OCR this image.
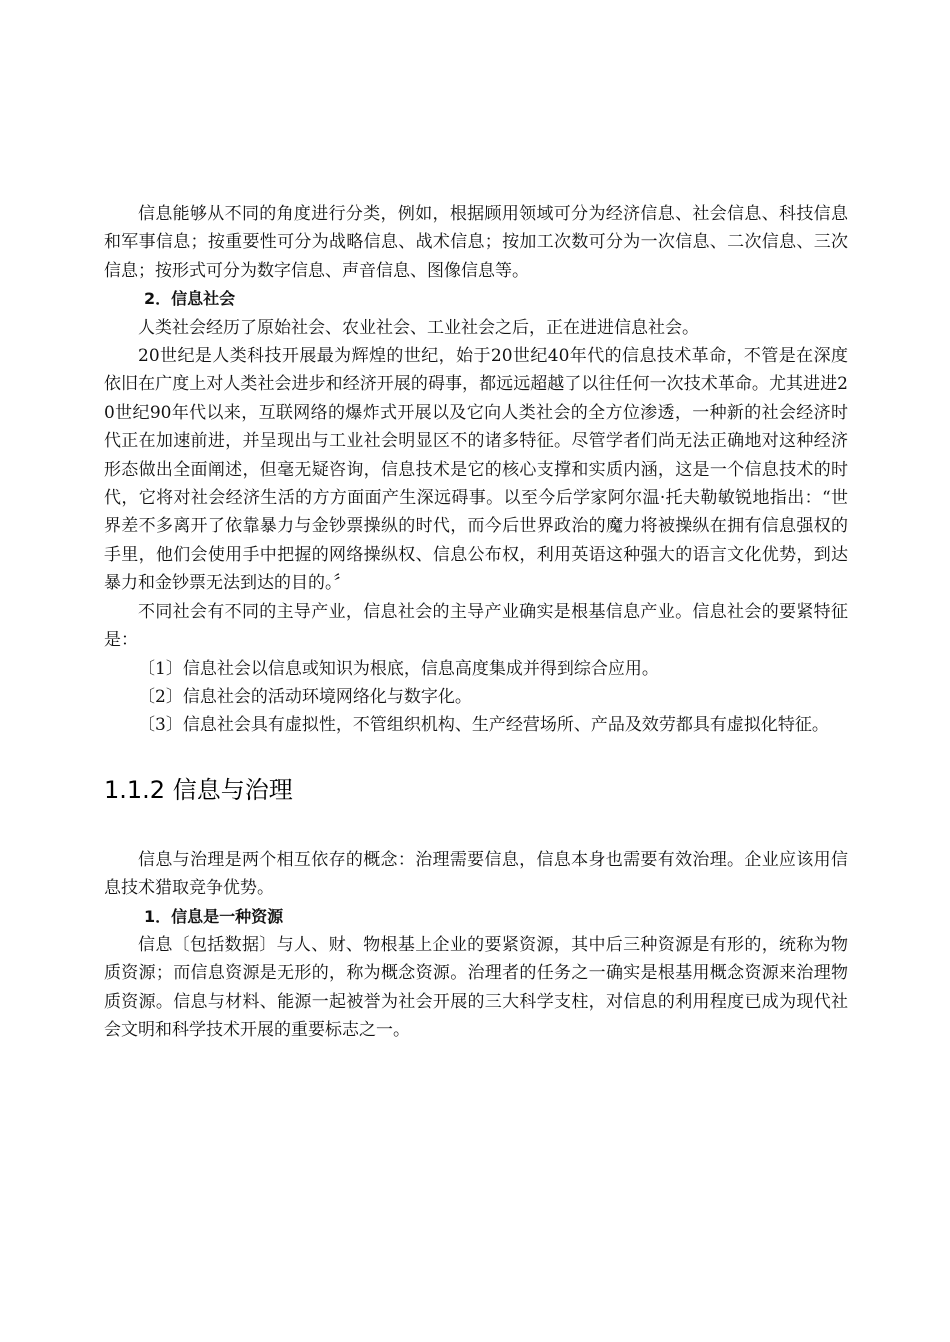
信息能够从不同的角度进行分类，例如，根据顾用领域可分为经济信息、社会信息、科技信息和军事信息；按重要性可分为战略信息、战术信息；按加工次数可分为一次信息、二次信息、三次信息；按形式可分为数字信息、声音信息、图像信息等。

2．信息社会

人类社会经历了原始社会、农业社会、工业社会之后，正在进进信息社会。

20世纪是人类科技开展最为辉煌的世纪，始于20世纪40年代的信息技术革命，不管是在深度依旧在广度上对人类社会进步和经济开展的碍事，都远远超越了以往任何一次技术革命。尤其进进20世纪90年代以来，互联网络的爆炸式开展以及它向人类社会的全方位渗透，一种新的社会经济时代正在加速前进，并呈现出与工业社会明显区不的诸多特征。尽管学者们尚无法正确地对这种经济形态做出全面阐述，但毫无疑咨询，信息技术是它的核心支撑和实质内涵，这是一个信息技术的时代，它将对社会经济生活的方方面面产生深远碍事。以至今后学家阿尔温·托夫勒敏锐地指出：“世界差不多离开了依靠暴力与金钞票操纵的时代，而今后世界政治的魔力将被操纵在拥有信息强权的手里，他们会使用手中把握的网络操纵权、信息公布权，利用英语这种强大的语言文化优势，到达暴力和金钞票无法到达的目的。〞

不同社会有不同的主导产业，信息社会的主导产业确实是根基信息产业。信息社会的要紧特征是：

〔1〕信息社会以信息或知识为根底，信息高度集成并得到综合应用。

〔2〕信息社会的活动环境网络化与数字化。

〔3〕信息社会具有虚拟性，不管组织机构、生产经营场所、产品及效劳都具有虚拟化特征。

1.1.2 信息与治理

信息与治理是两个相互依存的概念：治理需要信息，信息本身也需要有效治理。企业应该用信息技术猎取竞争优势。

1．信息是一种资源

信息〔包括数据〕与人、财、物根基上企业的要紧资源，其中后三种资源是有形的，统称为物质资源；而信息资源是无形的，称为概念资源。治理者的任务之一确实是根基用概念资源来治理物质资源。信息与材料、能源一起被誉为社会开展的三大科学支柱，对信息的利用程度已成为现代社会文明和科学技术开展的重要标志之一。
